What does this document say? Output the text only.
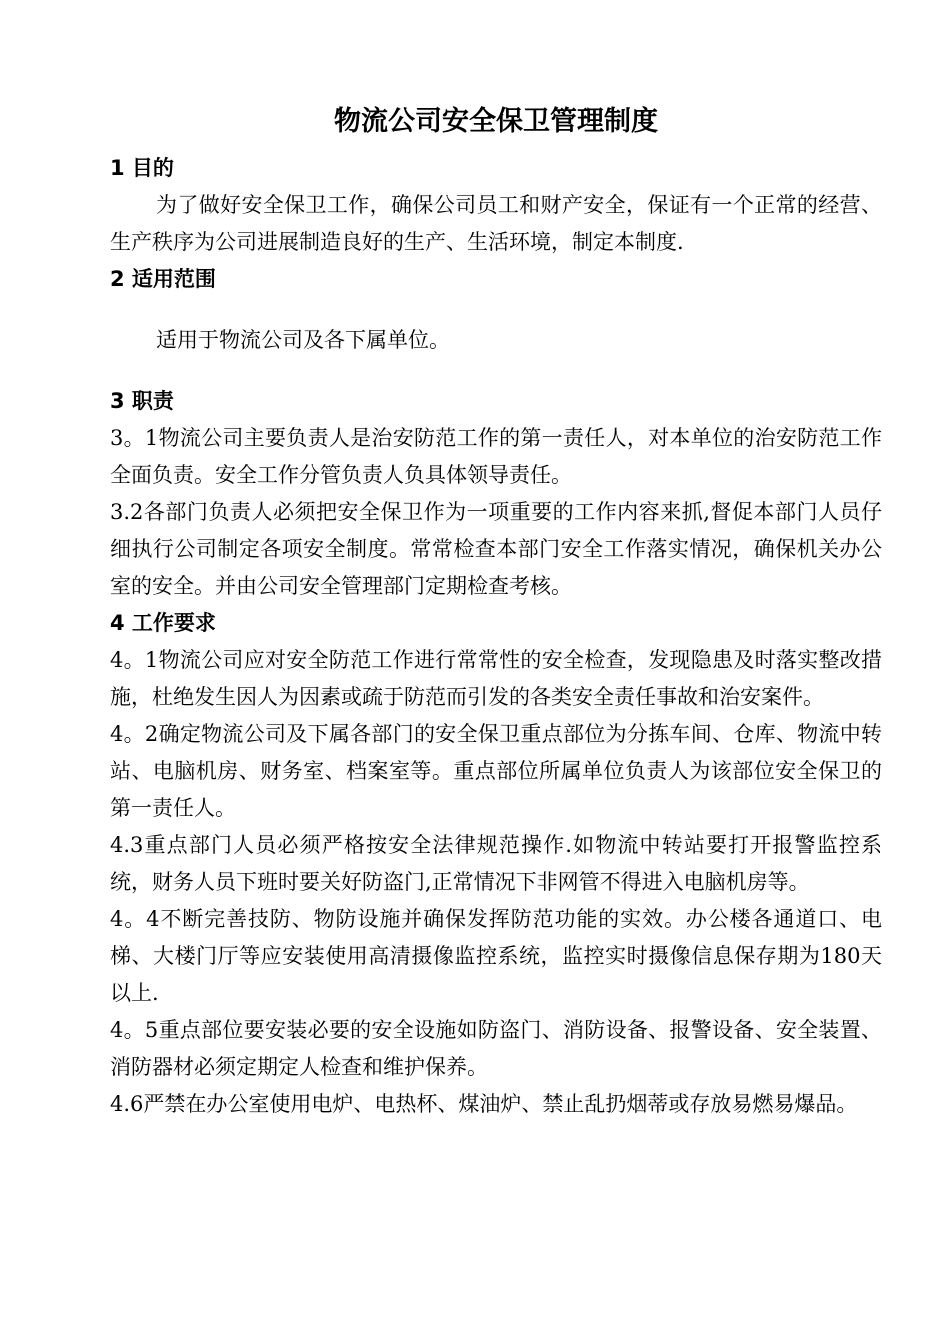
物流公司安全保卫管理制度
1 目的

为了做好安全保卫工作，确保公司员工和财产安全，保证有一个正常的经营、生产秩序为公司进展制造良好的生产、生活环境，制定本制度.

2 适用范围

适用于物流公司及各下属单位。

3 职责

3。1物流公司主要负责人是治安防范工作的第一责任人，对本单位的治安防范工作全面负责。安全工作分管负责人负具体领导责任。

3.2各部门负责人必须把安全保卫作为一项重要的工作内容来抓,督促本部门人员仔细执行公司制定各项安全制度。常常检查本部门安全工作落实情况，确保机关办公室的安全。并由公司安全管理部门定期检查考核。

4 工作要求

4。1物流公司应对安全防范工作进行常常性的安全检查，发现隐患及时落实整改措施，杜绝发生因人为因素或疏于防范而引发的各类安全责任事故和治安案件。

4。2确定物流公司及下属各部门的安全保卫重点部位为分拣车间、仓库、物流中转站、电脑机房、财务室、档案室等。重点部位所属单位负责人为该部位安全保卫的第一责任人。

4.3重点部门人员必须严格按安全法律规范操作.如物流中转站要打开报警监控系统，财务人员下班时要关好防盗门,正常情况下非网管不得进入电脑机房等。

4。4不断完善技防、物防设施并确保发挥防范功能的实效。办公楼各通道口、电梯、大楼门厅等应安装使用高清摄像监控系统，监控实时摄像信息保存期为180天以上.

4。5重点部位要安装必要的安全设施如防盗门、消防设备、报警设备、安全装置、消防器材必须定期定人检查和维护保养。

4.6严禁在办公室使用电炉、电热杯、煤油炉、禁止乱扔烟蒂或存放易燃易爆品。
